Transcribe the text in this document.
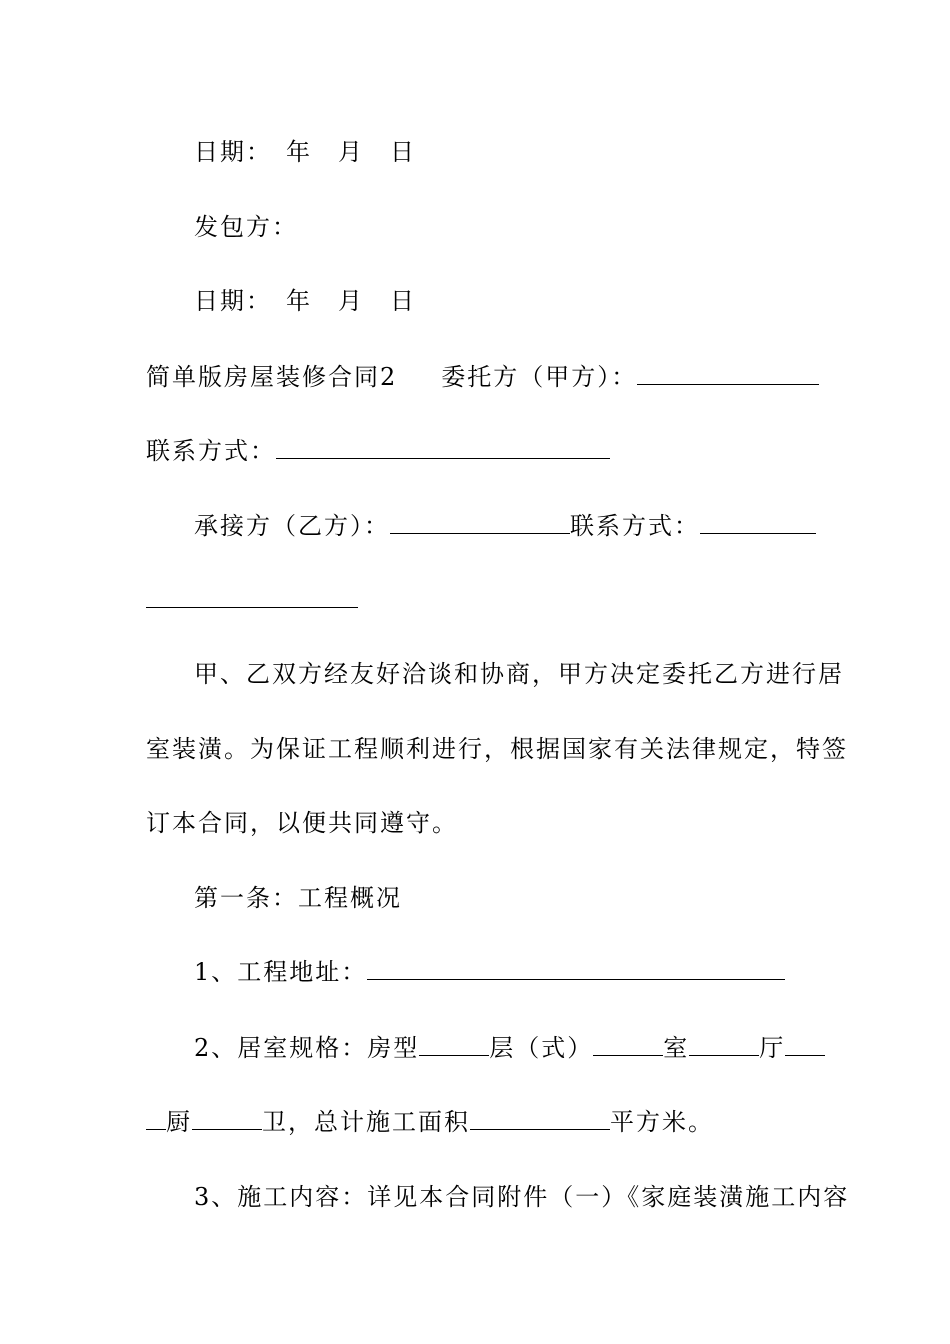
日期：　年　月　日
发包方：
日期：　年　月　日
简单版房屋装修合同2 委托方（甲方）：
联系方式：
承接方（乙方）：	联系方式：
甲、乙双方经友好洽谈和协商，甲方决定委托乙方进行居
室装潢。为保证工程顺利进行，根据国家有关法律规定，特签
订本合同，以便共同遵守。
第一条：工程概况
1、工程地址：
2、居室规格：房型	层（式）	室	厅
厨	卫，总计施工面积	平方米。
3、施工内容：详见本合同附件（一）《家庭装潢施工内容
